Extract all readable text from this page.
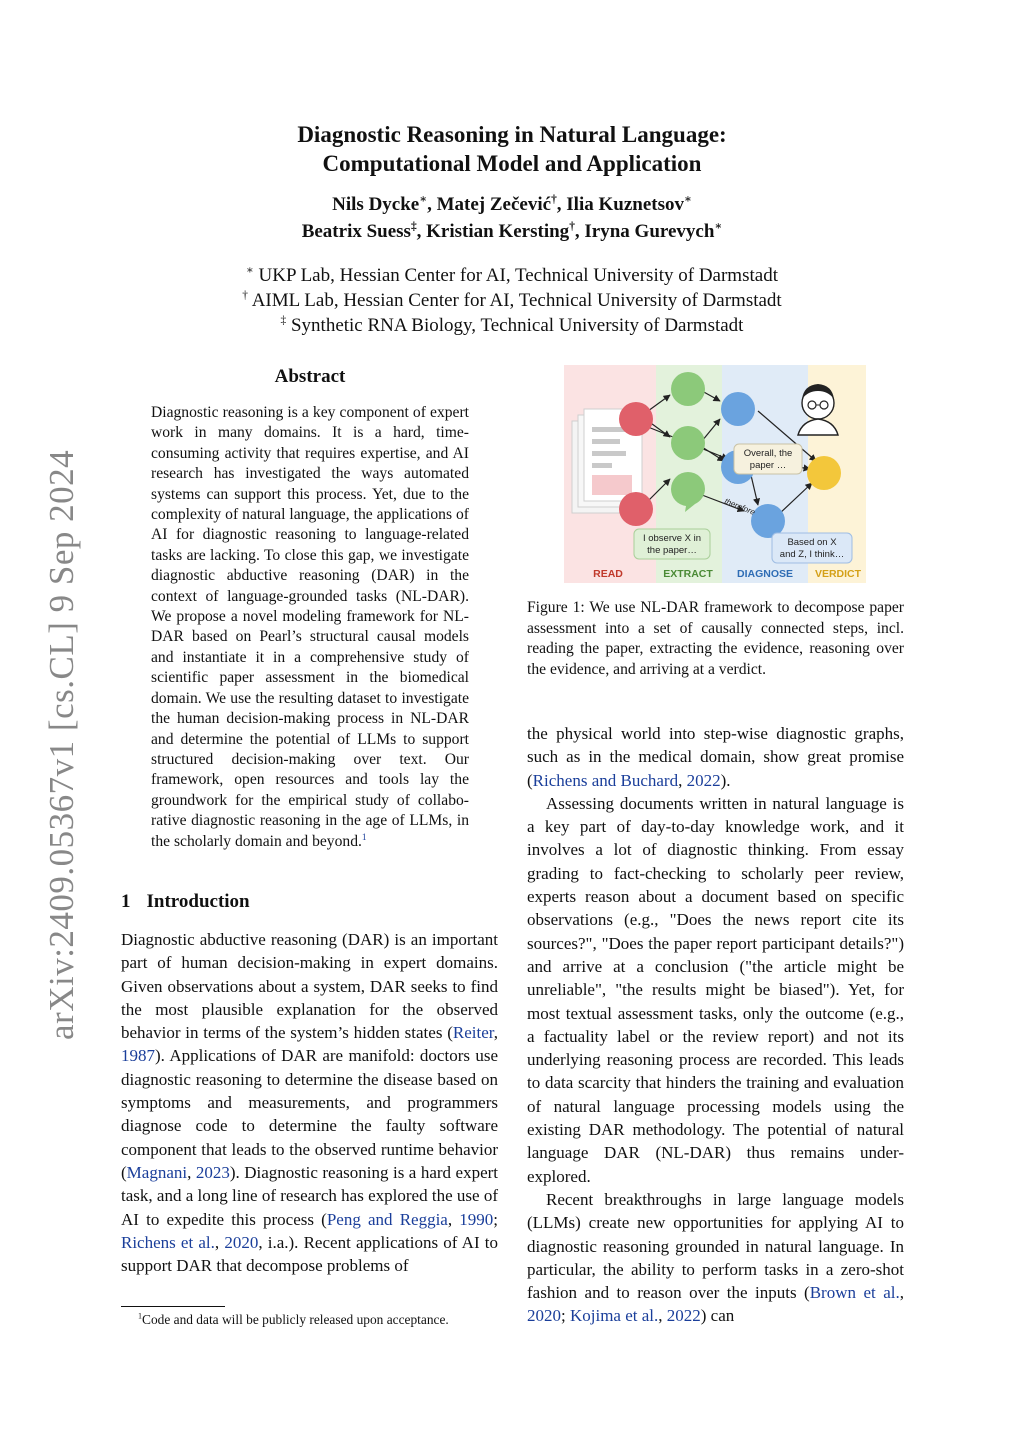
arXiv:2409.05367v1 [cs.CL] 9 Sep 2024
Diagnostic Reasoning in Natural Language:
Computational Model and Application
Nils Dycke∗, Matej Zečević†, Ilia Kuznetsov∗
Beatrix Suess‡, Kristian Kersting†, Iryna Gurevych∗
∗ UKP Lab, Hessian Center for AI, Technical University of Darmstadt
† AIML Lab, Hessian Center for AI, Technical University of Darmstadt
‡ Synthetic RNA Biology, Technical University of Darmstadt
Abstract
Diagnostic reasoning is a key component of expert work in many domains. It is a hard, time-consuming activity that requires expertise, and AI research has investigated the ways automated systems can support this process. Yet, due to the complexity of natural language, the applications of AI for diagnostic reasoning to language-related tasks are lacking. To close this gap, we investigate diagnostic abductive reasoning (DAR) in the context of language-grounded tasks (NL-DAR). We propose a novel modeling framework for NL-DAR based on Pearl’s structural causal models and instantiate it in a comprehensive study of scientific paper assessment in the biomedical domain. We use the resulting dataset to investigate the human decision-making process in NL-DAR and determine the potential of LLMs to support structured decision-making over text. Our framework, open resources and tools lay the groundwork for the empirical study of collaborative diagnostic reasoning in the age of LLMs, in the scholarly domain and beyond.$^1$
1 Introduction

Diagnostic abductive reasoning (DAR) is an important part of human decision-making in expert domains. Given observations about a system, DAR seeks to find the most plausible explanation for the observed behavior in terms of the system’s hidden states (Reiter, 1987). Applications of DAR are manifold: doctors use diagnostic reasoning to determine the disease based on symptoms and measurements, and programmers diagnose code to determine the faulty software component that leads to the observed runtime behavior (Magnani, 2023). Diagnostic reasoning is a hard expert task, and a long line of research has explored the use of AI to expedite this process (Peng and Reggia, 1990; Richens et al., 2020, i.a.). Recent applications of AI to support DAR that decompose problems of

$^1$Code and data will be publicly released upon acceptance.
Overall, the
paper …
I observe X in
the paper…
Based on X
and Z, I think…
therefore
READ	EXTRACT DIAGNOSE VERDICT
Figure 1: We use NL-DAR framework to decompose paper assessment into a set of causally connected steps, incl. reading the paper, extracting the evidence, reasoning over the evidence, and arriving at a verdict.

the physical world into step-wise diagnostic graphs, such as in the medical domain, show great promise (Richens and Buchard, 2022).

Assessing documents written in natural language is a key part of day-to-day knowledge work, and it involves a lot of diagnostic thinking. From essay grading to fact-checking to scholarly peer review, experts reason about a document based on specific observations (e.g., "Does the news report cite its sources?", "Does the paper report participant details?") and arrive at a conclusion ("the article might be unreliable", "the results might be biased"). Yet, for most textual assessment tasks, only the outcome (e.g., a factuality label or the review report) and not its underlying reasoning process are recorded. This leads to data scarcity that hinders the training and evaluation of natural language processing models using the existing DAR methodology. The potential of natural language DAR (NL-DAR) thus remains under-explored.

Recent breakthroughs in large language models (LLMs) create new opportunities for applying AI to diagnostic reasoning grounded in natural language. In particular, the ability to perform tasks in a zero-shot fashion and to reason over the inputs (Brown et al., 2020; Kojima et al., 2022) can
